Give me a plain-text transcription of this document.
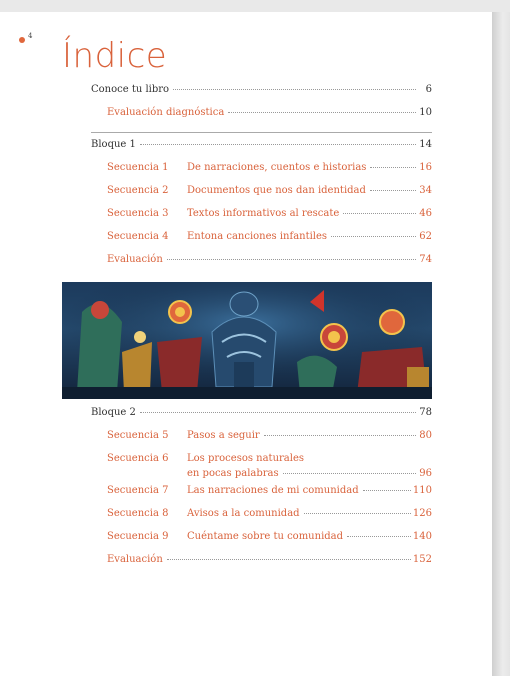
4 Índice
Conoce tu libro	6
Evaluación diagnóstica	10
Bloque 1	14
Secuencia 1	De narraciones, cuentos e historias	16
Secuencia 2	Documentos que nos dan identidad	34
Secuencia 3	Textos informativos al rescate	46
Secuencia 4	Entona canciones infantiles	62
Evaluación	74
Bloque 2	78
Secuencia 5	Pasos a seguir	80
Secuencia 6	Los procesos naturales
en pocas palabras	96
Secuencia 7	Las narraciones de mi comunidad	110
Secuencia 8	Avisos a la comunidad	126
Secuencia 9	Cuéntame sobre tu comunidad	140
Evaluación	152
